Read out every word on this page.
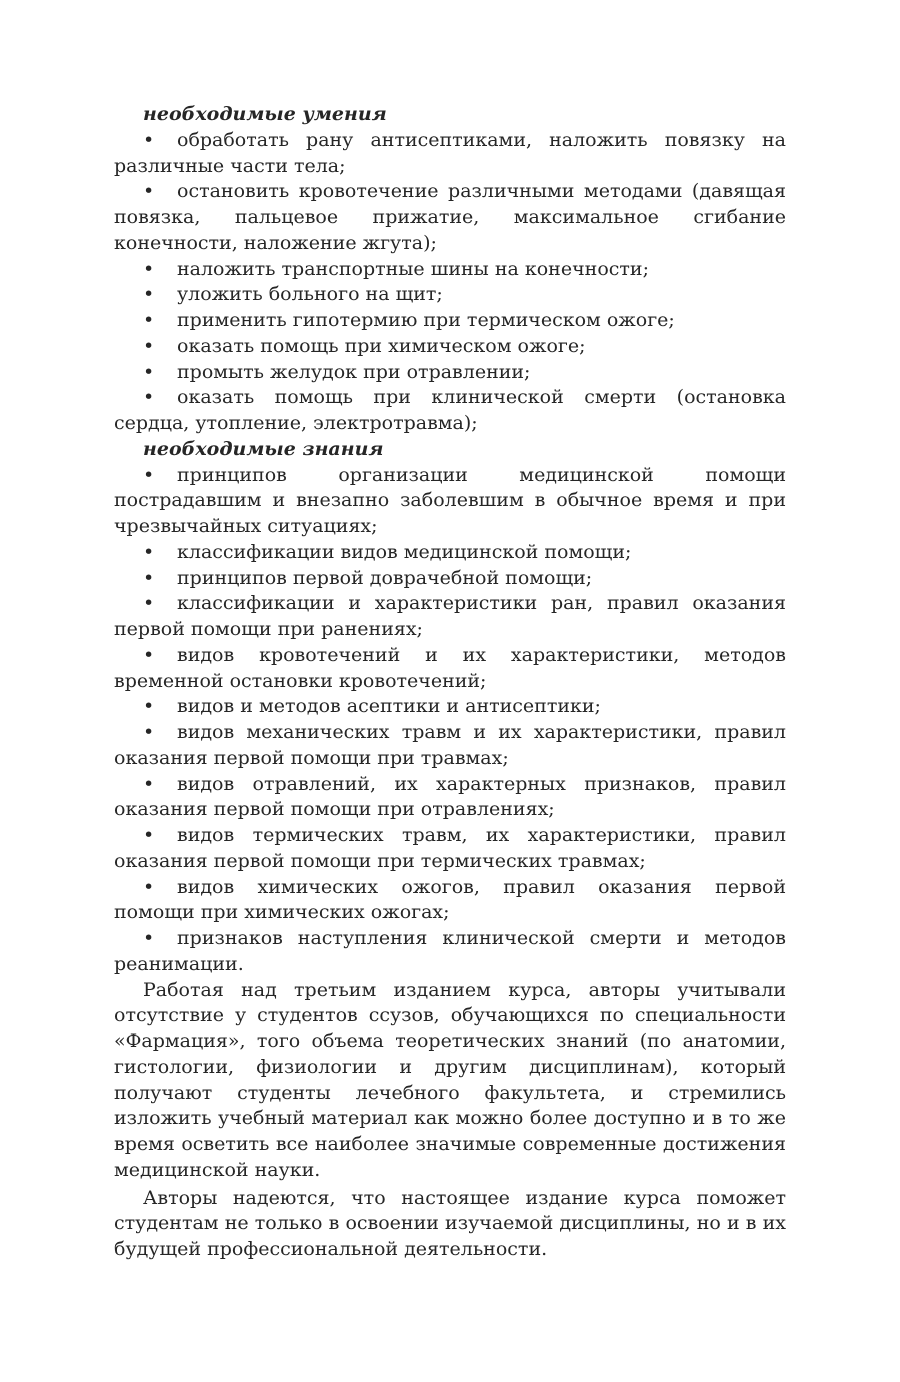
необходимые умения

• обработать рану антисептиками, наложить повязку на различные части тела;

• остановить кровотечение различными методами (давящая повязка, пальцевое прижатие, максимальное сгибание конечности, наложение жгута);

• наложить транспортные шины на конечности;

• уложить больного на щит;

• применить гипотермию при термическом ожоге;

• оказать помощь при химическом ожоге;

• промыть желудок при отравлении;

• оказать помощь при клинической смерти (остановка сердца, утопление, электротравма);

необходимые знания

• принципов организации медицинской помощи пострадавшим и внезапно заболевшим в обычное время и при чрезвычайных ситуациях;

• классификации видов медицинской помощи;

• принципов первой доврачебной помощи;

• классификации и характеристики ран, правил оказания первой помощи при ранениях;

• видов кровотечений и их характеристики, методов временной остановки кровотечений;

• видов и методов асептики и антисептики;

• видов механических травм и их характеристики, правил оказания первой помощи при травмах;

• видов отравлений, их характерных признаков, правил оказания первой помощи при отравлениях;

• видов термических травм, их характеристики, правил оказания первой помощи при термических травмах;

• видов химических ожогов, правил оказания первой помощи при химических ожогах;

• признаков наступления клинической смерти и методов реанимации.

Работая над третьим изданием курса, авторы учитывали отсутствие у студентов ссузов, обучающихся по специальности «Фармация», того объема теоретических знаний (по анатомии, гистологии, физиологии и другим дисциплинам), который получают студенты лечебного факультета, и стремились изложить учебный материал как можно более доступно и в то же время осветить все наиболее значимые современные достижения медицинской науки.

Авторы надеются, что настоящее издание курса поможет студентам не только в освоении изучаемой дисциплины, но и в их будущей профессиональной деятельности.
